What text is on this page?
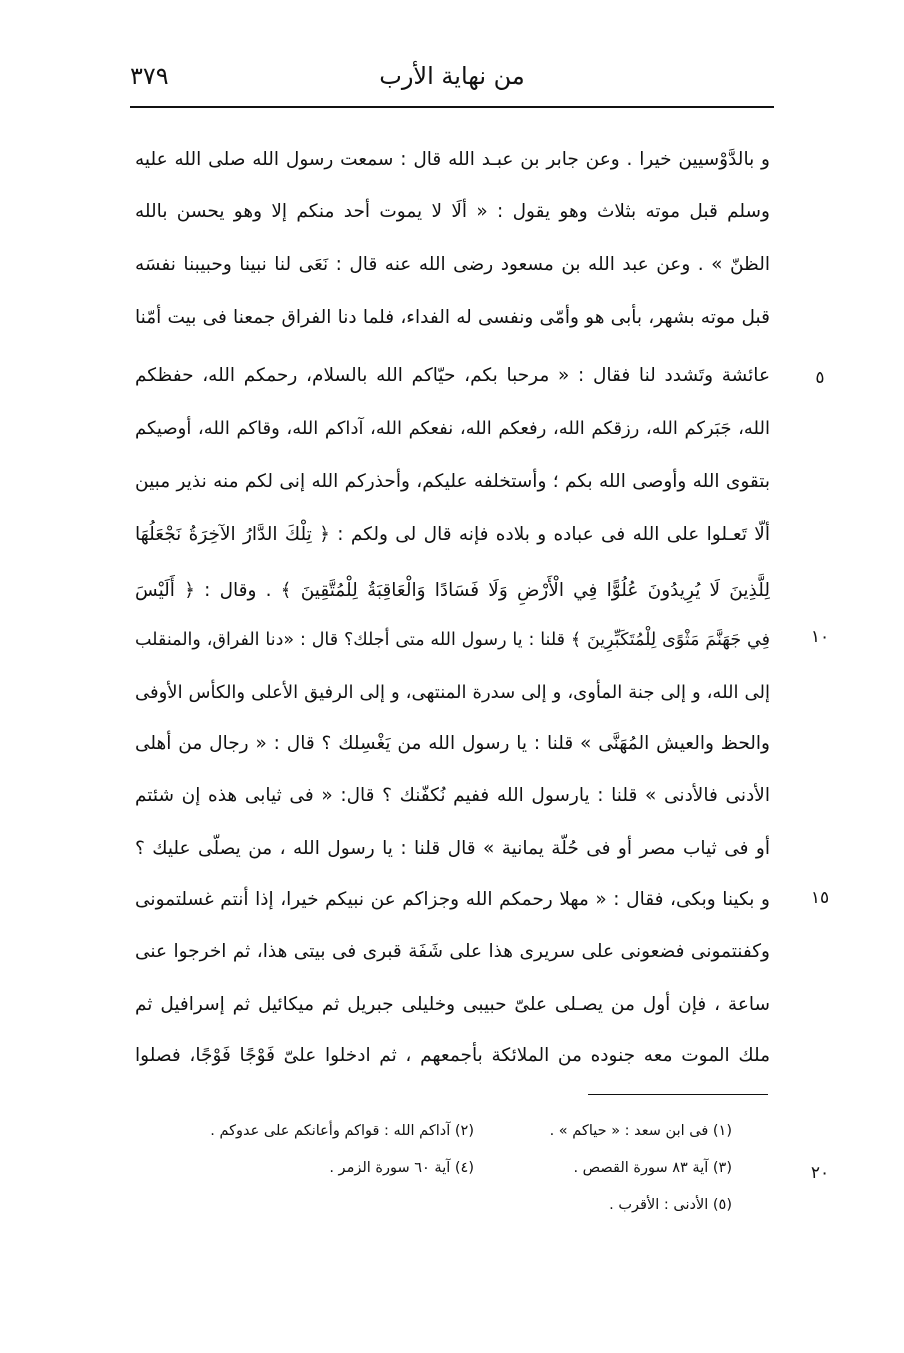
من نهاية الأرب
٣٧٩
و بالدَّوْسيين خيرا . وعن جابر بن عبـد الله قال : سمعت رسول الله صلى الله عليه
وسلم قبل موته بثلاث وهو يقول : « ألَا لا يموت أحد منكم إلا وهو يحسن بالله
الظنّ » . وعن عبد الله بن مسعود رضى الله عنه قال : نَعَى لنا نبينا وحبيبنا نفسَه
قبل موته بشهر، بأبى هو وأمّى ونفسى له الفداء، فلما دنا الفراق جمعنا فى بيت أمّنا
عائشة وتَشدد لنا فقال : « مرحبا بكم، حيّاكم الله بالسلام، رحمكم الله، حفظكم
الله، جَبَركم الله، رزقكم الله، رفعكم الله، نفعكم الله، آداكم الله، وقاكم الله، أوصيكم
بتقوى الله وأوصى الله بكم ؛ وأستخلفه عليكم، وأحذركم الله إنى لكم منه نذير مبين
ألّا تَعـلوا على الله فى عباده و بلاده فإنه قال لى ولكم : ﴿ تِلْكَ الدَّارُ الآخِرَةُ نَجْعَلُهَا
لِلَّذِينَ لَا يُرِيدُونَ عُلُوًّا فِي الْأَرْضِ وَلَا فَسَادًا وَالْعَاقِبَةُ لِلْمُتَّقِينَ ﴾ . وقال : ﴿ أَلَيْسَ
فِي جَهَنَّمَ مَثْوًى لِلْمُتَكَبِّرِينَ ﴾ قلنا : يا رسول الله متى أجلك؟ قال : «دنا الفراق، والمنقلب
إلى الله، و إلى جنة المأوى، و إلى سدرة المنتهى، و إلى الرفيق الأعلى والكأس الأوفى
والحظ والعيش المُهَنَّى » قلنا : يا رسول الله من يَغْسِلك ؟ قال : « رجال من أهلى
الأدنى فالأدنى » قلنا : يارسول الله ففيم نُكفّنك ؟ قال: « فى ثيابى هذه إن شئتم
أو فى ثياب مصر أو فى حُلّة يمانية » قال قلنا : يا رسول الله ، من يصلّى عليك ؟
و بكينا وبكى، فقال : « مهلا رحمكم الله وجزاكم عن نبيكم خيرا، إذا أنتم غسلتمونى
وكفنتمونى فضعونى على سريرى هذا على شَفَة قبرى فى بيتى هذا، ثم اخرجوا عنى
ساعة ، فإن أول من يصـلى علىّ حبيبى وخليلى جبريل ثم ميكائيل ثم إسرافيل ثم
ملك الموت معه جنوده من الملائكة بأجمعهم ، ثم ادخلوا علىّ فَوْجًا فَوْجًا، فصلوا
٥
١٠
١٥
٢٠
(١) فى ابن سعد : « حياكم » .
(٢) آداكم الله : قواكم وأعانكم على عدوكم .
(٣) آية ٨٣ سورة القصص .
(٤) آية ٦٠ سورة الزمر .
(٥) الأدنى : الأقرب .
